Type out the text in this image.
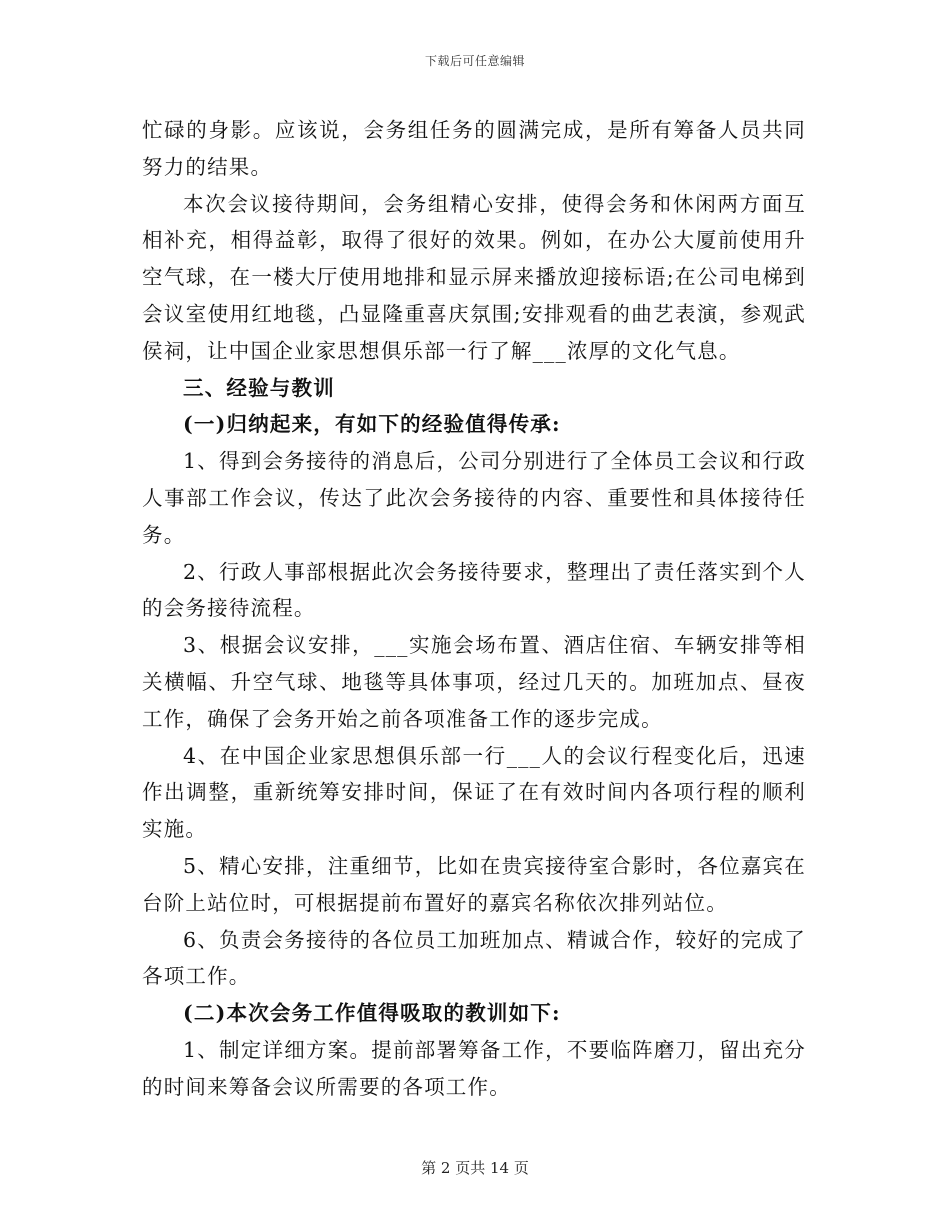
下载后可任意编辑

忙碌的身影。应该说，会务组任务的圆满完成，是所有筹备人员共同努力的结果。

本次会议接待期间，会务组精心安排，使得会务和休闲两方面互相补充，相得益彰，取得了很好的效果。例如，在办公大厦前使用升空气球，在一楼大厅使用地排和显示屏来播放迎接标语;在公司电梯到会议室使用红地毯，凸显隆重喜庆氛围;安排观看的曲艺表演，参观武侯祠，让中国企业家思想俱乐部一行了解___浓厚的文化气息。

三、经验与教训

(一)归纳起来，有如下的经验值得传承:

1、得到会务接待的消息后，公司分别进行了全体员工会议和行政人事部工作会议，传达了此次会务接待的内容、重要性和具体接待任务。

2、行政人事部根据此次会务接待要求，整理出了责任落实到个人的会务接待流程。

3、根据会议安排，___实施会场布置、酒店住宿、车辆安排等相关横幅、升空气球、地毯等具体事项，经过几天的。加班加点、昼夜工作，确保了会务开始之前各项准备工作的逐步完成。

4、在中国企业家思想俱乐部一行___人的会议行程变化后，迅速作出调整，重新统筹安排时间，保证了在有效时间内各项行程的顺利实施。

5、精心安排，注重细节，比如在贵宾接待室合影时，各位嘉宾在台阶上站位时，可根据提前布置好的嘉宾名称依次排列站位。

6、负责会务接待的各位员工加班加点、精诚合作，较好的完成了各项工作。

(二)本次会务工作值得吸取的教训如下:

1、制定详细方案。提前部署筹备工作，不要临阵磨刀，留出充分的时间来筹备会议所需要的各项工作。

第 2 页共 14 页
